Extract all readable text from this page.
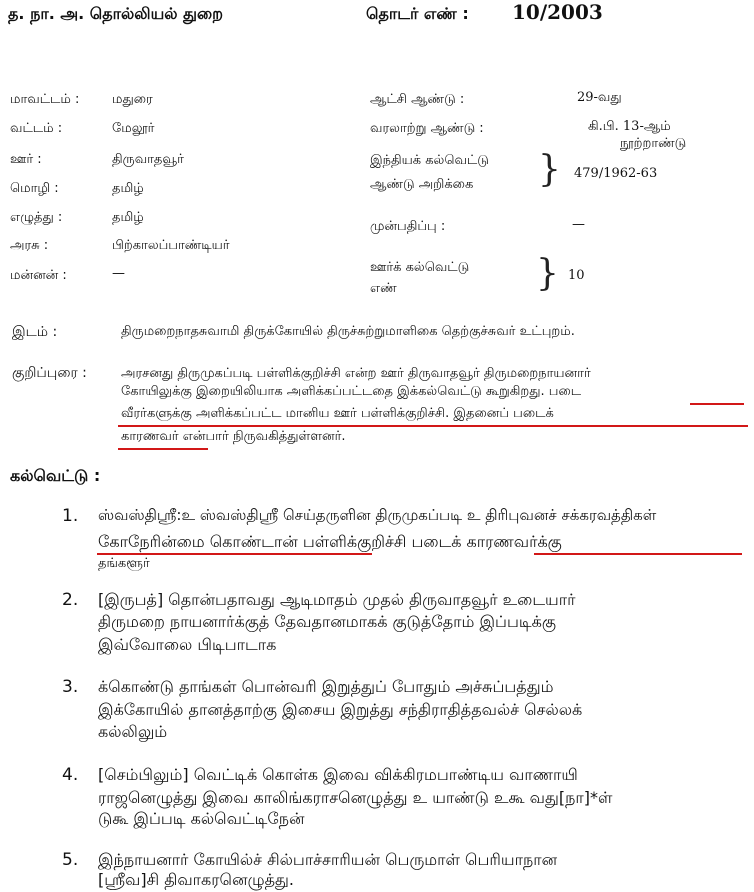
த. நா. அ. தொல்லியல் துறை	தொடர் எண் : 10/2003
மாவட்டம் :	மதுரை
வட்டம் :	மேலூர்
ஊர் :	திருவாதவூர்
மொழி :	தமிழ்
எழுத்து :	தமிழ்
அரசு :	பிற்காலப்பாண்டியர்
மன்னன் :	—
ஆட்சி ஆண்டு :	29-வது
வரலாற்று ஆண்டு :	கி.பி. 13-ஆம்
நூற்றாண்டு
இந்தியக் கல்வெட்டு
ஆண்டு அறிக்கை } 479/1962-63
முன்பதிப்பு :	—
ஊர்க் கல்வெட்டு
எண்	} 10
இடம் :	திருமறைநாதசுவாமி திருக்கோயில் திருச்சுற்றுமாளிகை தெற்குச்சுவர் உட்புறம்.
குறிப்புரை :	அரசனது திருமுகப்படி பள்ளிக்குறிச்சி என்ற ஊர் திருவாதவூர் திருமறைநாயனார்
கோயிலுக்கு இறையிலியாக அளிக்கப்பட்டதை இக்கல்வெட்டு கூறுகிறது. படை
வீரர்களுக்கு அளிக்கப்பட்ட மானிய ஊர் பள்ளிக்குறிச்சி. இதனைப் படைக்
காரணவர் என்பார் நிருவகித்துள்ளனர்.
கல்வெட்டு :
1. ஸ்வஸ்திஸ்ரீ:உ ஸ்வஸ்திஸ்ரீ செய்தருளின திருமுகப்படி உ திரிபுவனச் சக்கரவத்திகள்
கோநேரின்மை கொண்டான் பள்ளிக்குறிச்சி படைக் காரணவர்க்கு
தங்களூர்
2. [இருபத்] தொன்பதாவது ஆடிமாதம் முதல் திருவாதவூர் உடையார்
திருமறை நாயனார்க்குத் தேவதானமாகக் குடுத்தோம் இப்படிக்கு
இவ்வோலை பிடிபாடாக
3. க்கொண்டு தாங்கள் பொன்வரி இறுத்துப் போதும் அச்சுப்பத்தும்
இக்கோயில் தானத்தாற்கு இசைய இறுத்து சந்திராதித்தவல்ச் செல்லக்
கல்லிலும்
4. [செம்பிலும்] வெட்டிக் கொள்க இவை விக்கிரமபாண்டிய வாணாயி
ராஜனெழுத்து இவை காலிங்கராசனெழுத்து உ யாண்டு உகூ வது[நா]*ள்
டுகூ இப்படி கல்வெட்டிநேன்
5. இந்நாயனார் கோயில்ச் சில்பாச்சாரியன் பெருமாள் பெரியாநான
[ஸ்ரீவ]சி திவாகரனெழுத்து.
